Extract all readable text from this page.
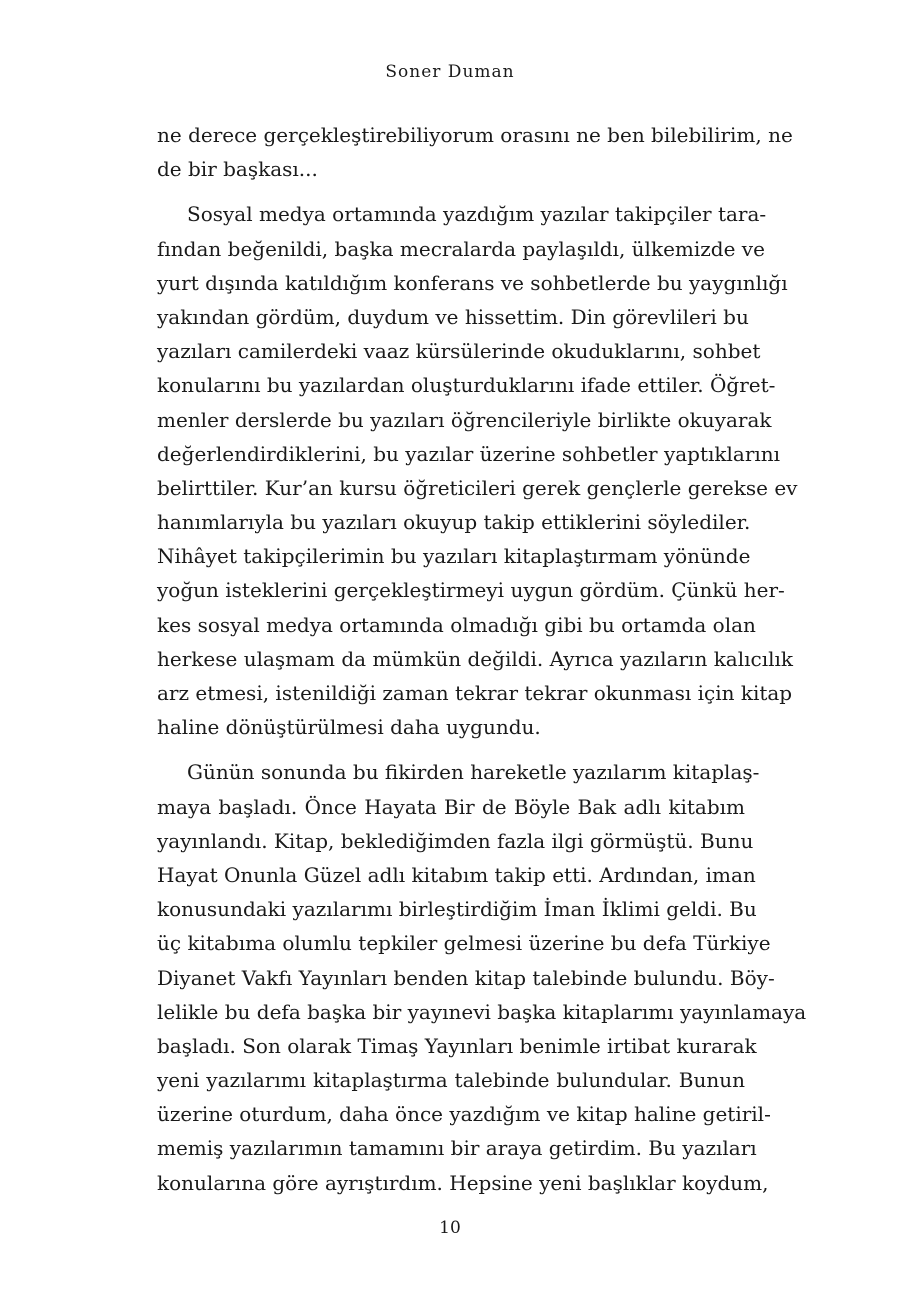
Soner Duman
ne derece gerçekleştirebiliyorum orasını ne ben bilebilirim, ne
de bir başkası...
Sosyal medya ortamında yazdığım yazılar takipçiler tara-
fından beğenildi, başka mecralarda paylaşıldı, ülkemizde ve
yurt dışında katıldığım konferans ve sohbetlerde bu yaygınlığı
yakından gördüm, duydum ve hissettim. Din görevlileri bu
yazıları camilerdeki vaaz kürsülerinde okuduklarını, sohbet
konularını bu yazılardan oluşturduklarını ifade ettiler. Öğret-
menler derslerde bu yazıları öğrencileriyle birlikte okuyarak
değerlendirdiklerini, bu yazılar üzerine sohbetler yaptıklarını
belirttiler. Kur’an kursu öğreticileri gerek gençlerle gerekse ev
hanımlarıyla bu yazıları okuyup takip ettiklerini söylediler.
Nihâyet takipçilerimin bu yazıları kitaplaştırmam yönünde
yoğun isteklerini gerçekleştirmeyi uygun gördüm. Çünkü her-
kes sosyal medya ortamında olmadığı gibi bu ortamda olan
herkese ulaşmam da mümkün değildi. Ayrıca yazıların kalıcılık
arz etmesi, istenildiği zaman tekrar tekrar okunması için kitap
haline dönüştürülmesi daha uygundu.
Günün sonunda bu fikirden hareketle yazılarım kitaplaş-
maya başladı. Önce Hayata Bir de Böyle Bak adlı kitabım
yayınlandı. Kitap, beklediğimden fazla ilgi görmüştü. Bunu
Hayat Onunla Güzel adlı kitabım takip etti. Ardından, iman
konusundaki yazılarımı birleştirdiğim İman İklimi geldi. Bu
üç kitabıma olumlu tepkiler gelmesi üzerine bu defa Türkiye
Diyanet Vakfı Yayınları benden kitap talebinde bulundu. Böy-
lelikle bu defa başka bir yayınevi başka kitaplarımı yayınlamaya
başladı. Son olarak Timaş Yayınları benimle irtibat kurarak
yeni yazılarımı kitaplaştırma talebinde bulundular. Bunun
üzerine oturdum, daha önce yazdığım ve kitap haline getiril-
memiş yazılarımın tamamını bir araya getirdim. Bu yazıları
konularına göre ayrıştırdım. Hepsine yeni başlıklar koydum,
10
